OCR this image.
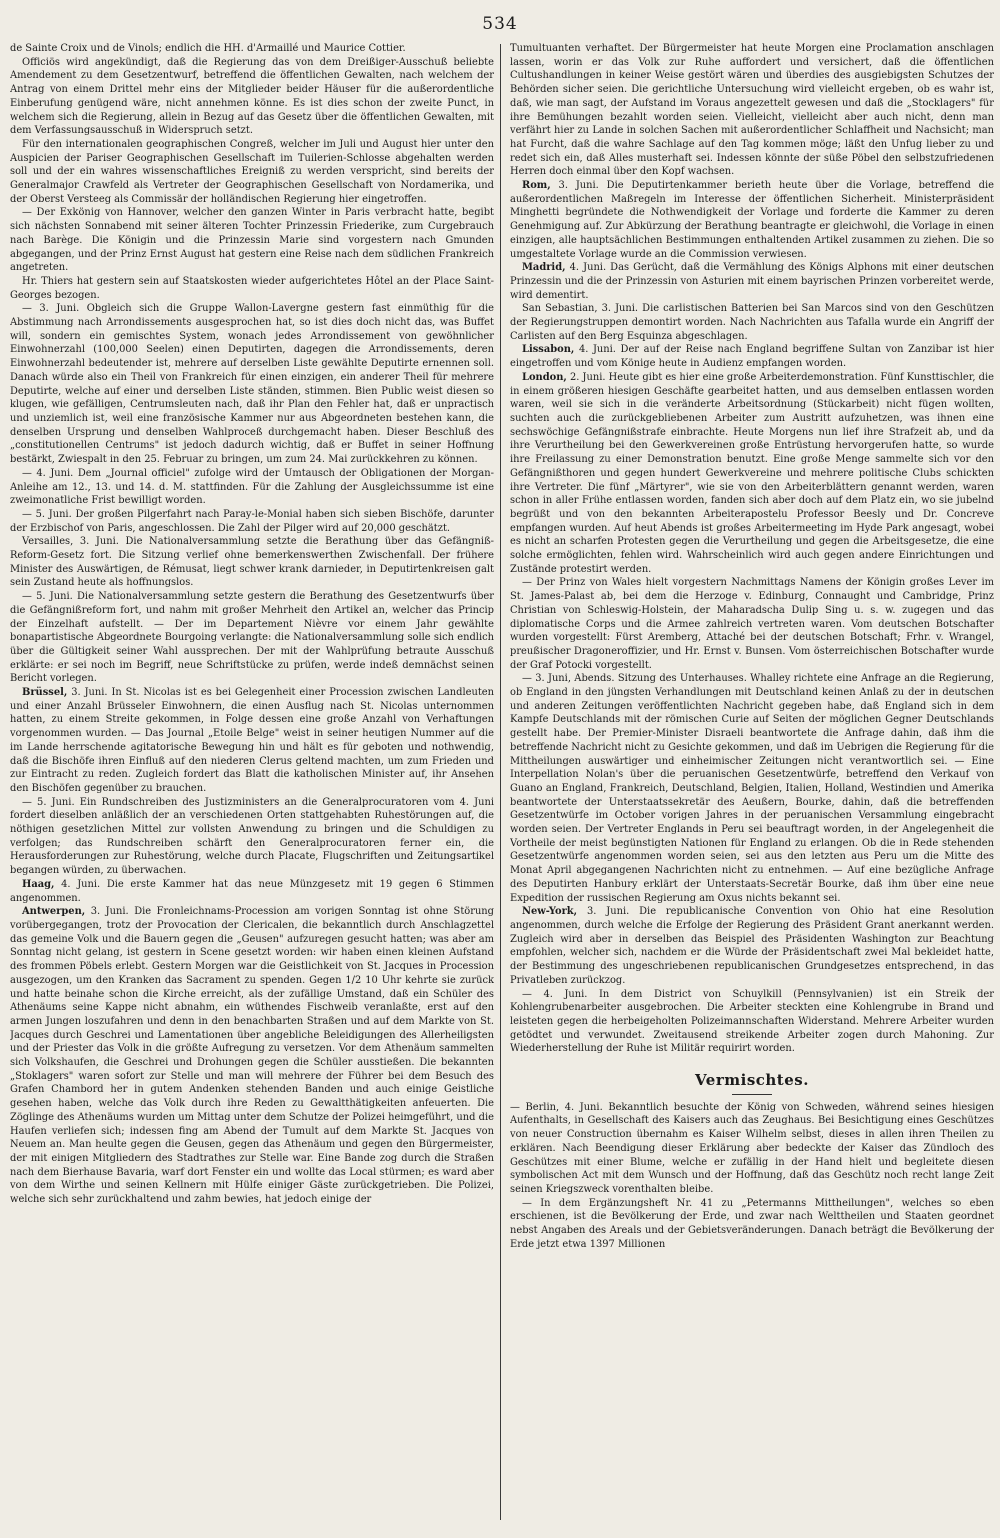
534

de Sainte Croix und de Vinols; endlich die HH. d'Armaillé und Maurice Cottier.

Officiös wird angekündigt, daß die Regierung das von dem Dreißiger-Ausschuß beliebte Amendement zu dem Gesetzentwurf, betreffend die öffentlichen Gewalten, nach welchem der Antrag von einem Drittel mehr eins der Mitglieder beider Häuser für die außerordentliche Einberufung genügend wäre, nicht annehmen könne. Es ist dies schon der zweite Punct, in welchem sich die Regierung, allein in Bezug auf das Gesetz über die öffentlichen Gewalten, mit dem Verfassungsausschuß in Widerspruch setzt.

Für den internationalen geographischen Congreß, welcher im Juli und August hier unter den Auspicien der Pariser Geographischen Gesellschaft im Tuilerien-Schlosse abgehalten werden soll und der ein wahres wissenschaftliches Ereigniß zu werden verspricht, sind bereits der Generalmajor Crawfeld als Vertreter der Geographischen Gesellschaft von Nordamerika, und der Oberst Versteeg als Commissär der holländischen Regierung hier eingetroffen.

— Der Exkönig von Hannover, welcher den ganzen Winter in Paris verbracht hatte, begibt sich nächsten Sonnabend mit seiner älteren Tochter Prinzessin Friederike, zum Curgebrauch nach Barège. Die Königin und die Prinzessin Marie sind vorgestern nach Gmunden abgegangen, und der Prinz Ernst August hat gestern eine Reise nach dem südlichen Frankreich angetreten.

Hr. Thiers hat gestern sein auf Staatskosten wieder aufgerichtetes Hôtel an der Place Saint-Georges bezogen.

— 3. Juni. Obgleich sich die Gruppe Wallon-Lavergne gestern fast einmüthig für die Abstimmung nach Arrondissements ausgesprochen hat, so ist dies doch nicht das, was Buffet will, sondern ein gemischtes System, wonach jedes Arrondissement von gewöhnlicher Einwohnerzahl (100,000 Seelen) einen Deputirten, dagegen die Arrondissements, deren Einwohnerzahl bedeutender ist, mehrere auf derselben Liste gewählte Deputirte ernennen soll. Danach würde also ein Theil von Frankreich für einen einzigen, ein anderer Theil für mehrere Deputirte, welche auf einer und derselben Liste ständen, stimmen. Bien Public weist diesen so klugen, wie gefälligen, Centrumsleuten nach, daß ihr Plan den Fehler hat, daß er unpractisch und unziemlich ist, weil eine französische Kammer nur aus Abgeordneten bestehen kann, die denselben Ursprung und denselben Wahlproceß durchgemacht haben. Dieser Beschluß des „constitutionellen Centrums" ist jedoch dadurch wichtig, daß er Buffet in seiner Hoffnung bestärkt, Zwiespalt in den 25. Februar zu bringen, um zum 24. Mai zurückkehren zu können.

— 4. Juni. Dem „Journal officiel" zufolge wird der Umtausch der Obligationen der Morgan-Anleihe am 12., 13. und 14. d. M. stattfinden. Für die Zahlung der Ausgleichssumme ist eine zweimonatliche Frist bewilligt worden.

— 5. Juni. Der großen Pilgerfahrt nach Paray-le-Monial haben sich sieben Bischöfe, darunter der Erzbischof von Paris, angeschlossen. Die Zahl der Pilger wird auf 20,000 geschätzt.

Versailles, 3. Juni. Die Nationalversammlung setzte die Berathung über das Gefängniß-Reform-Gesetz fort. Die Sitzung verlief ohne bemerkenswerthen Zwischenfall. Der frühere Minister des Auswärtigen, de Rémusat, liegt schwer krank darnieder, in Deputirtenkreisen galt sein Zustand heute als hoffnungslos.

— 5. Juni. Die Nationalversammlung setzte gestern die Berathung des Gesetzentwurfs über die Gefängnißreform fort, und nahm mit großer Mehrheit den Artikel an, welcher das Princip der Einzelhaft aufstellt. — Der im Departement Nièvre vor einem Jahr gewählte bonapartistische Abgeordnete Bourgoing verlangte: die Nationalversammlung solle sich endlich über die Gültigkeit seiner Wahl aussprechen. Der mit der Wahlprüfung betraute Ausschuß erklärte: er sei noch im Begriff, neue Schriftstücke zu prüfen, werde indeß demnächst seinen Bericht vorlegen.

Brüssel, 3. Juni. In St. Nicolas ist es bei Gelegenheit einer Procession zwischen Landleuten und einer Anzahl Brüsseler Einwohnern, die einen Ausflug nach St. Nicolas unternommen hatten, zu einem Streite gekommen, in Folge dessen eine große Anzahl von Verhaftungen vorgenommen wurden. — Das Journal „Etoile Belge" weist in seiner heutigen Nummer auf die im Lande herrschende agitatorische Bewegung hin und hält es für geboten und nothwendig, daß die Bischöfe ihren Einfluß auf den niederen Clerus geltend machten, um zum Frieden und zur Eintracht zu reden. Zugleich fordert das Blatt die katholischen Minister auf, ihr Ansehen den Bischöfen gegenüber zu brauchen.

— 5. Juni. Ein Rundschreiben des Justizministers an die Generalprocuratoren vom 4. Juni fordert dieselben anläßlich der an verschiedenen Orten stattgehabten Ruhestörungen auf, die nöthigen gesetzlichen Mittel zur vollsten Anwendung zu bringen und die Schuldigen zu verfolgen; das Rundschreiben schärft den Generalprocuratoren ferner ein, die Herausforderungen zur Ruhestörung, welche durch Placate, Flugschriften und Zeitungsartikel begangen würden, zu überwachen.

Haag, 4. Juni. Die erste Kammer hat das neue Münzgesetz mit 19 gegen 6 Stimmen angenommen.

Antwerpen, 3. Juni. Die Fronleichnams-Procession am vorigen Sonntag ist ohne Störung vorübergegangen, trotz der Provocation der Clericalen, die bekanntlich durch Anschlagzettel das gemeine Volk und die Bauern gegen die „Geusen" aufzuregen gesucht hatten; was aber am Sonntag nicht gelang, ist gestern in Scene gesetzt worden: wir haben einen kleinen Aufstand des frommen Pöbels erlebt. Gestern Morgen war die Geistlichkeit von St. Jacques in Procession ausgezogen, um den Kranken das Sacrament zu spenden. Gegen 1/2 10 Uhr kehrte sie zurück und hatte beinahe schon die Kirche erreicht, als der zufällige Umstand, daß ein Schüler des Athenäums seine Kappe nicht abnahm, ein wüthendes Fischweib veranlaßte, erst auf den armen Jungen loszufahren und denn in den benachbarten Straßen und auf dem Markte von St. Jacques durch Geschrei und Lamentationen über angebliche Beleidigungen des Allerheiligsten und der Priester das Volk in die größte Aufregung zu versetzen. Vor dem Athenäum sammelten sich Volkshaufen, die Geschrei und Drohungen gegen die Schüler ausstießen. Die bekannten „Stoklagers" waren sofort zur Stelle und man will mehrere der Führer bei dem Besuch des Grafen Chambord her in gutem Andenken stehenden Banden und auch einige Geistliche gesehen haben, welche das Volk durch ihre Reden zu Gewaltthätigkeiten anfeuerten. Die Zöglinge des Athenäums wurden um Mittag unter dem Schutze der Polizei heimgeführt, und die Haufen verliefen sich; indessen fing am Abend der Tumult auf dem Markte St. Jacques von Neuem an. Man heulte gegen die Geusen, gegen das Athenäum und gegen den Bürgermeister, der mit einigen Mitgliedern des Stadtrathes zur Stelle war. Eine Bande zog durch die Straßen nach dem Bierhause Bavaria, warf dort Fenster ein und wollte das Local stürmen; es ward aber von dem Wirthe und seinen Kellnern mit Hülfe einiger Gäste zurückgetrieben. Die Polizei, welche sich sehr zurückhaltend und zahm bewies, hat jedoch einige der

Tumultuanten verhaftet. Der Bürgermeister hat heute Morgen eine Proclamation anschlagen lassen, worin er das Volk zur Ruhe auffordert und versichert, daß die öffentlichen Cultushandlungen in keiner Weise gestört wären und überdies des ausgiebigsten Schutzes der Behörden sicher seien. Die gerichtliche Untersuchung wird vielleicht ergeben, ob es wahr ist, daß, wie man sagt, der Aufstand im Voraus angezettelt gewesen und daß die „Stocklagers" für ihre Bemühungen bezahlt worden seien. Vielleicht, vielleicht aber auch nicht, denn man verfährt hier zu Lande in solchen Sachen mit außerordentlicher Schlaffheit und Nachsicht; man hat Furcht, daß die wahre Sachlage auf den Tag kommen möge; läßt den Unfug lieber zu und redet sich ein, daß Alles musterhaft sei. Indessen könnte der süße Pöbel den selbstzufriedenen Herren doch einmal über den Kopf wachsen.

Rom, 3. Juni. Die Deputirtenkammer berieth heute über die Vorlage, betreffend die außerordentlichen Maßregeln im Interesse der öffentlichen Sicherheit. Ministerpräsident Minghetti begründete die Nothwendigkeit der Vorlage und forderte die Kammer zu deren Genehmigung auf. Zur Abkürzung der Berathung beantragte er gleichwohl, die Vorlage in einen einzigen, alle hauptsächlichen Bestimmungen enthaltenden Artikel zusammen zu ziehen. Die so umgestaltete Vorlage wurde an die Commission verwiesen.

Madrid, 4. Juni. Das Gerücht, daß die Vermählung des Königs Alphons mit einer deutschen Prinzessin und die der Prinzessin von Asturien mit einem bayrischen Prinzen vorbereitet werde, wird dementirt.

San Sebastian, 3. Juni. Die carlistischen Batterien bei San Marcos sind von den Geschützen der Regierungstruppen demontirt worden. Nach Nachrichten aus Tafalla wurde ein Angriff der Carlisten auf den Berg Esquinza abgeschlagen.

Lissabon, 4. Juni. Der auf der Reise nach England begriffene Sultan von Zanzibar ist hier eingetroffen und vom Könige heute in Audienz empfangen worden.

London, 2. Juni. Heute gibt es hier eine große Arbeiterdemonstration. Fünf Kunsttischler, die in einem größeren hiesigen Geschäfte gearbeitet hatten, und aus demselben entlassen worden waren, weil sie sich in die veränderte Arbeitsordnung (Stückarbeit) nicht fügen wollten, suchten auch die zurückgebliebenen Arbeiter zum Austritt aufzuhetzen, was ihnen eine sechswöchige Gefängnißstrafe einbrachte. Heute Morgens nun lief ihre Strafzeit ab, und da ihre Verurtheilung bei den Gewerkvereinen große Entrüstung hervorgerufen hatte, so wurde ihre Freilassung zu einer Demonstration benutzt. Eine große Menge sammelte sich vor den Gefängnißthoren und gegen hundert Gewerkvereine und mehrere politische Clubs schickten ihre Vertreter. Die fünf „Märtyrer", wie sie von den Arbeiterblättern genannt werden, waren schon in aller Frühe entlassen worden, fanden sich aber doch auf dem Platz ein, wo sie jubelnd begrüßt und von den bekannten Arbeiterapostelu Professor Beesly und Dr. Concreve empfangen wurden. Auf heut Abends ist großes Arbeitermeeting im Hyde Park angesagt, wobei es nicht an scharfen Protesten gegen die Verurtheilung und gegen die Arbeitsgesetze, die eine solche ermöglichten, fehlen wird. Wahrscheinlich wird auch gegen andere Einrichtungen und Zustände protestirt werden.

— Der Prinz von Wales hielt vorgestern Nachmittags Namens der Königin großes Lever im St. James-Palast ab, bei dem die Herzoge v. Edinburg, Connaught und Cambridge, Prinz Christian von Schleswig-Holstein, der Maharadscha Dulip Sing u. s. w. zugegen und das diplomatische Corps und die Armee zahlreich vertreten waren. Vom deutschen Botschafter wurden vorgestellt: Fürst Aremberg, Attaché bei der deutschen Botschaft; Frhr. v. Wrangel, preußischer Dragoneroffizier, und Hr. Ernst v. Bunsen. Vom österreichischen Botschafter wurde der Graf Potocki vorgestellt.

— 3. Juni, Abends. Sitzung des Unterhauses. Whalley richtete eine Anfrage an die Regierung, ob England in den jüngsten Verhandlungen mit Deutschland keinen Anlaß zu der in deutschen und anderen Zeitungen veröffentlichten Nachricht gegeben habe, daß England sich in dem Kampfe Deutschlands mit der römischen Curie auf Seiten der möglichen Gegner Deutschlands gestellt habe. Der Premier-Minister Disraeli beantwortete die Anfrage dahin, daß ihm die betreffende Nachricht nicht zu Gesichte gekommen, und daß im Uebrigen die Regierung für die Mittheilungen auswärtiger und einheimischer Zeitungen nicht verantwortlich sei. — Eine Interpellation Nolan's über die peruanischen Gesetzentwürfe, betreffend den Verkauf von Guano an England, Frankreich, Deutschland, Belgien, Italien, Holland, Westindien und Amerika beantwortete der Unterstaatssekretär des Aeußern, Bourke, dahin, daß die betreffenden Gesetzentwürfe im October vorigen Jahres in der peruanischen Versammlung eingebracht worden seien. Der Vertreter Englands in Peru sei beauftragt worden, in der Angelegenheit die Vortheile der meist begünstigten Nationen für England zu erlangen. Ob die in Rede stehenden Gesetzentwürfe angenommen worden seien, sei aus den letzten aus Peru um die Mitte des Monat April abgegangenen Nachrichten nicht zu entnehmen. — Auf eine bezügliche Anfrage des Deputirten Hanbury erklärt der Unterstaats-Secretär Bourke, daß ihm über eine neue Expedition der russischen Regierung am Oxus nichts bekannt sei.

New-York, 3. Juni. Die republicanische Convention von Ohio hat eine Resolution angenommen, durch welche die Erfolge der Regierung des Präsident Grant anerkannt werden. Zugleich wird aber in derselben das Beispiel des Präsidenten Washington zur Beachtung empfohlen, welcher sich, nachdem er die Würde der Präsidentschaft zwei Mal bekleidet hatte, der Bestimmung des ungeschriebenen republicanischen Grundgesetzes entsprechend, in das Privatleben zurückzog.

— 4. Juni. In dem District von Schuylkill (Pennsylvanien) ist ein Streik der Kohlengrubenarbeiter ausgebrochen. Die Arbeiter steckten eine Kohlengrube in Brand und leisteten gegen die herbeigeholten Polizeimannschaften Widerstand. Mehrere Arbeiter wurden getödtet und verwundet. Zweitausend streikende Arbeiter zogen durch Mahoning. Zur Wiederherstellung der Ruhe ist Militär requirirt worden.

Vermischtes.

— Berlin, 4. Juni. Bekanntlich besuchte der König von Schweden, während seines hiesigen Aufenthalts, in Gesellschaft des Kaisers auch das Zeughaus. Bei Besichtigung eines Geschützes von neuer Construction übernahm es Kaiser Wilhelm selbst, dieses in allen ihren Theilen zu erklären. Nach Beendigung dieser Erklärung aber bedeckte der Kaiser das Zündloch des Geschützes mit einer Blume, welche er zufällig in der Hand hielt und begleitete diesen symbolischen Act mit dem Wunsch und der Hoffnung, daß das Geschütz noch recht lange Zeit seinen Kriegszweck vorenthalten bleibe.

— In dem Ergänzungsheft Nr. 41 zu „Petermanns Mittheilungen", welches so eben erschienen, ist die Bevölkerung der Erde, und zwar nach Welttheilen und Staaten geordnet nebst Angaben des Areals und der Gebietsveränderungen. Danach beträgt die Bevölkerung der Erde jetzt etwa 1397 Millionen
